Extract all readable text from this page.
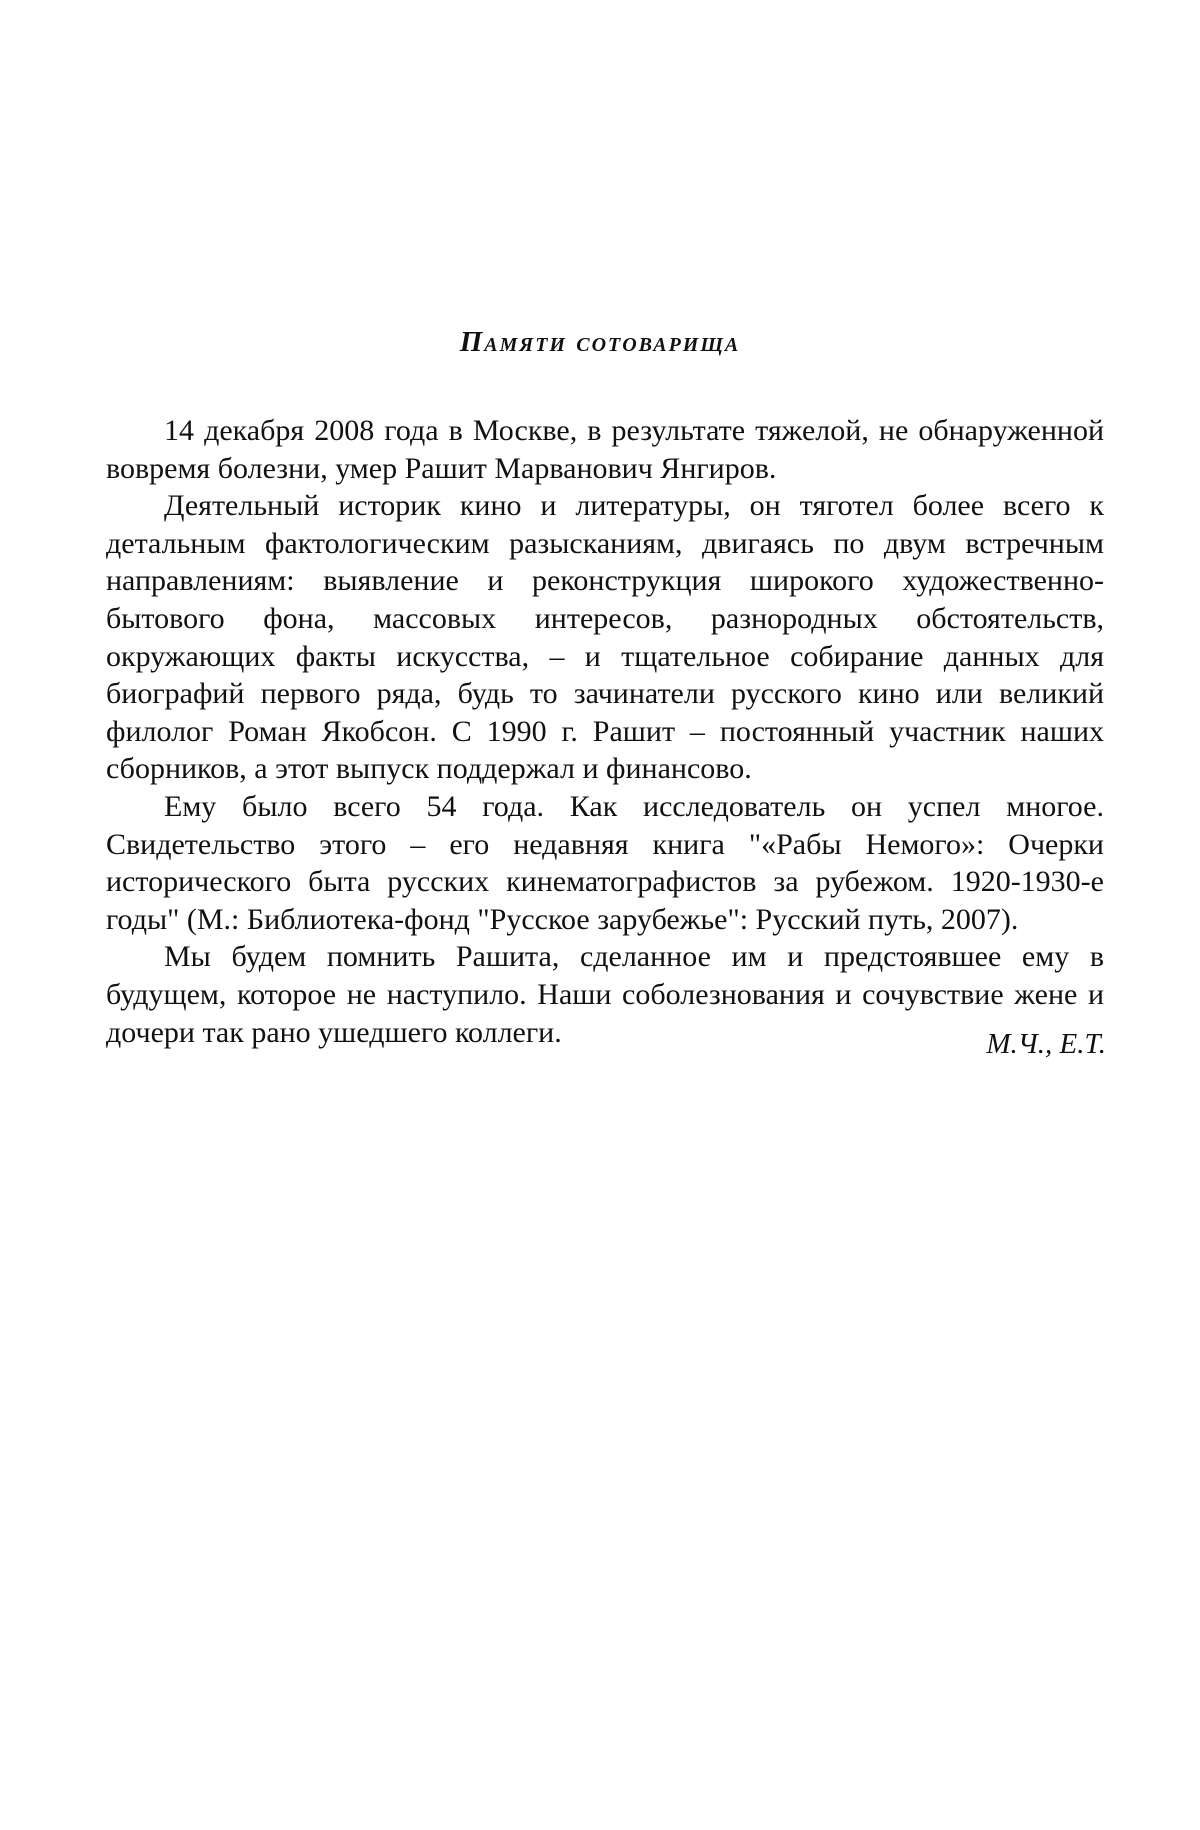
Памяти сотоварища

14 декабря 2008 года в Москве, в результате тяжелой, не обнаруженной вовремя болезни, умер Рашит Марванович Янгиров.

Деятельный историк кино и литературы, он тяготел более всего к детальным фактологическим разысканиям, двигаясь по двум встречным направлениям: выявление и реконструкция широкого художественно-бытового фона, массовых интересов, разнородных обстоятельств, окружающих факты искусства, – и тщательное собирание данных для биографий первого ряда, будь то зачинатели русского кино или великий филолог Роман Якобсон. С 1990 г. Рашит – постоянный участник наших сборников, а этот выпуск поддержал и финансово.

Ему было всего 54 года. Как исследователь он успел многое. Свидетельство этого – его недавняя книга "«Рабы Немого»: Очерки исторического быта русских кинематографистов за рубежом. 1920-1930-е годы" (М.: Библиотека-фонд "Русское зарубежье": Русский путь, 2007).

Мы будем помнить Рашита, сделанное им и предстоявшее ему в будущем, которое не наступило. Наши соболезнования и сочувствие жене и дочери так рано ушедшего коллеги.	М.Ч., Е.Т.
